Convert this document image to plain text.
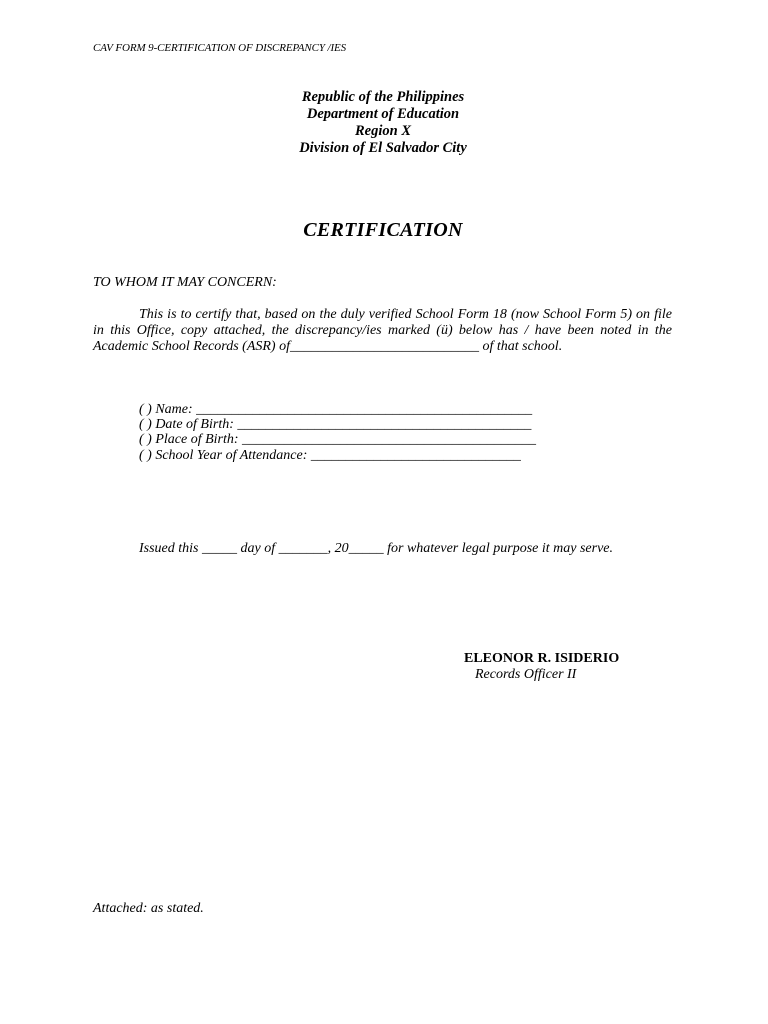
CAV FORM 9-CERTIFICATION OF DISCREPANCY /IES
Republic of the Philippines
Department of Education
Region X
Division of El Salvador City
CERTIFICATION
TO WHOM IT MAY CONCERN:
This is to certify that, based on the duly verified School Form 18 (now School Form 5) on file in this Office, copy attached, the discrepancy/ies marked (ü) below has / have been noted in the Academic School Records (ASR) of___________________________ of that school.
( ) Name: ________________________________________________
( ) Date of Birth: __________________________________________
( ) Place of Birth: __________________________________________
( ) School Year of Attendance: ______________________________
Issued this _____ day of _______, 20_____ for whatever legal purpose it may serve.
ELEONOR R. ISIDERIO
Records Officer II
Attached: as stated.
